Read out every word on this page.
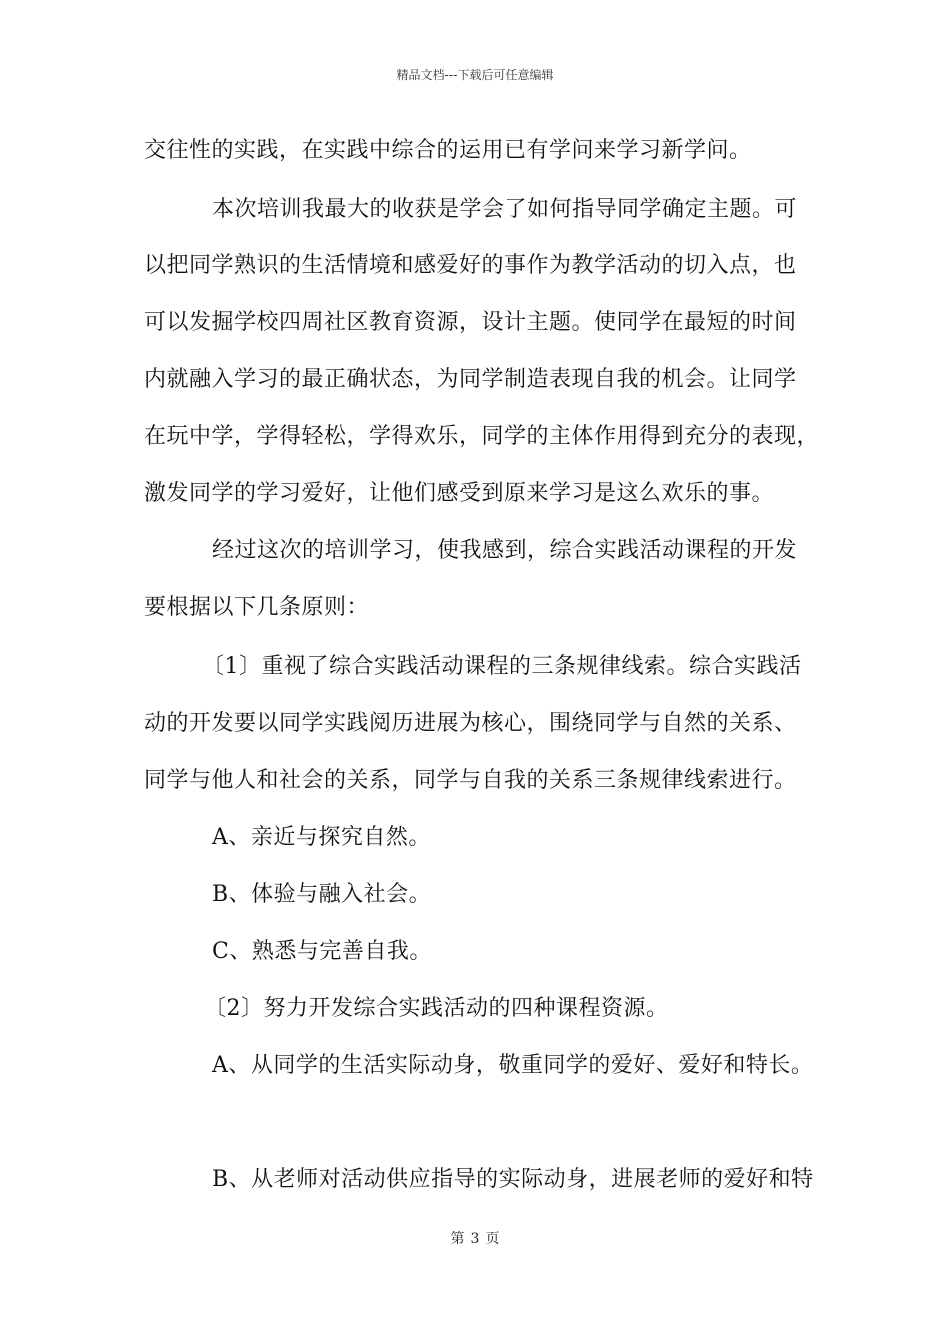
精品文档---下载后可任意编辑
交往性的实践，在实践中综合的运用已有学问来学习新学问。
本次培训我最大的收获是学会了如何指导同学确定主题。可
以把同学熟识的生活情境和感爱好的事作为教学活动的切入点，也
可以发掘学校四周社区教育资源，设计主题。使同学在最短的时间
内就融入学习的最正确状态，为同学制造表现自我的机会。让同学
在玩中学，学得轻松，学得欢乐，同学的主体作用得到充分的表现，
激发同学的学习爱好，让他们感受到原来学习是这么欢乐的事。
经过这次的培训学习，使我感到，综合实践活动课程的开发
要根据以下几条原则：
〔1〕重视了综合实践活动课程的三条规律线索。综合实践活
动的开发要以同学实践阅历进展为核心，围绕同学与自然的关系、
同学与他人和社会的关系，同学与自我的关系三条规律线索进行。
A、亲近与探究自然。
B、体验与融入社会。
C、熟悉与完善自我。
〔2〕努力开发综合实践活动的四种课程资源。
A、从同学的生活实际动身，敬重同学的爱好、爱好和特长。
B、从老师对活动供应指导的实际动身，进展老师的爱好和特
第 3 页
